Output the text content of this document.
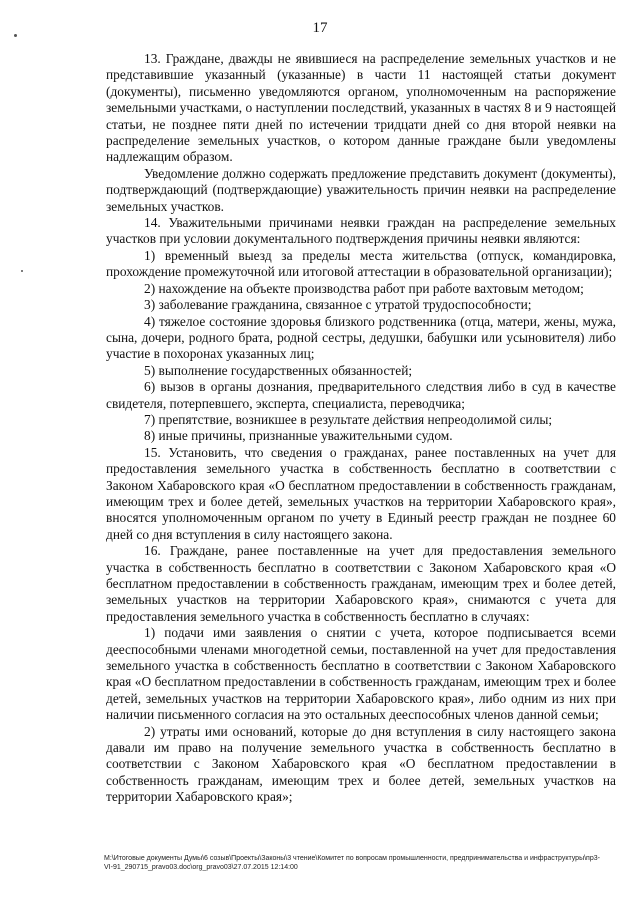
17

13. Граждане, дважды не явившиеся на распределение земельных участков и не представившие указанный (указанные) в части 11 настоящей статьи документ (документы), письменно уведомляются органом, уполномоченным на распоряжение земельными участками, о наступлении последствий, указанных в частях 8 и 9 настоящей статьи, не позднее пяти дней по истечении тридцати дней со дня второй неявки на распределение земельных участков, о котором данные граждане были уведомлены надлежащим образом.

Уведомление должно содержать предложение представить документ (документы), подтверждающий (подтверждающие) уважительность причин неявки на распределение земельных участков.

14. Уважительными причинами неявки граждан на распределение земельных участков при условии документального подтверждения причины неявки являются:

1) временный выезд за пределы места жительства (отпуск, командировка, прохождение промежуточной или итоговой аттестации в образовательной организации);

2) нахождение на объекте производства работ при работе вахтовым методом;

3) заболевание гражданина, связанное с утратой трудоспособности;

4) тяжелое состояние здоровья близкого родственника (отца, матери, жены, мужа, сына, дочери, родного брата, родной сестры, дедушки, бабушки или усыновителя) либо участие в похоронах указанных лиц;

5) выполнение государственных обязанностей;

6) вызов в органы дознания, предварительного следствия либо в суд в качестве свидетеля, потерпевшего, эксперта, специалиста, переводчика;

7) препятствие, возникшее в результате действия непреодолимой силы;

8) иные причины, признанные уважительными судом.

15. Установить, что сведения о гражданах, ранее поставленных на учет для предоставления земельного участка в собственность бесплатно в соответствии с Законом Хабаровского края «О бесплатном предоставлении в собственность гражданам, имеющим трех и более детей, земельных участков на территории Хабаровского края», вносятся уполномоченным органом по учету в Единый реестр граждан не позднее 60 дней со дня вступления в силу настоящего закона.

16. Граждане, ранее поставленные на учет для предоставления земельного участка в собственность бесплатно в соответствии с Законом Хабаровского края «О бесплатном предоставлении в собственность гражданам, имеющим трех и более детей, земельных участков на территории Хабаровского края», снимаются с учета для предоставления земельного участка в собственность бесплатно в случаях:

1) подачи ими заявления о снятии с учета, которое подписывается всеми дееспособными членами многодетной семьи, поставленной на учет для предоставления земельного участка в собственность бесплатно в соответствии с Законом Хабаровского края «О бесплатном предоставлении в собственность гражданам, имеющим трех и более детей, земельных участков на территории Хабаровского края», либо одним из них при наличии письменного согласия на это остальных дееспособных членов данной семьи;

2) утраты ими оснований, которые до дня вступления в силу настоящего закона давали им право на получение земельного участка в собственность бесплатно в соответствии с Законом Хабаровского края «О бесплатном предоставлении в собственность гражданам, имеющим трех и более детей, земельных участков на территории Хабаровского края»;

M:\Итоговые документы Думы\6 созыв\Проекты\Законы\3 чтение\Комитет по вопросам промышленности, предпринимательства и инфраструктуры\пр3-
VI-91_290715_pravo03.doc\org_pravo03\27.07.2015 12:14:00
